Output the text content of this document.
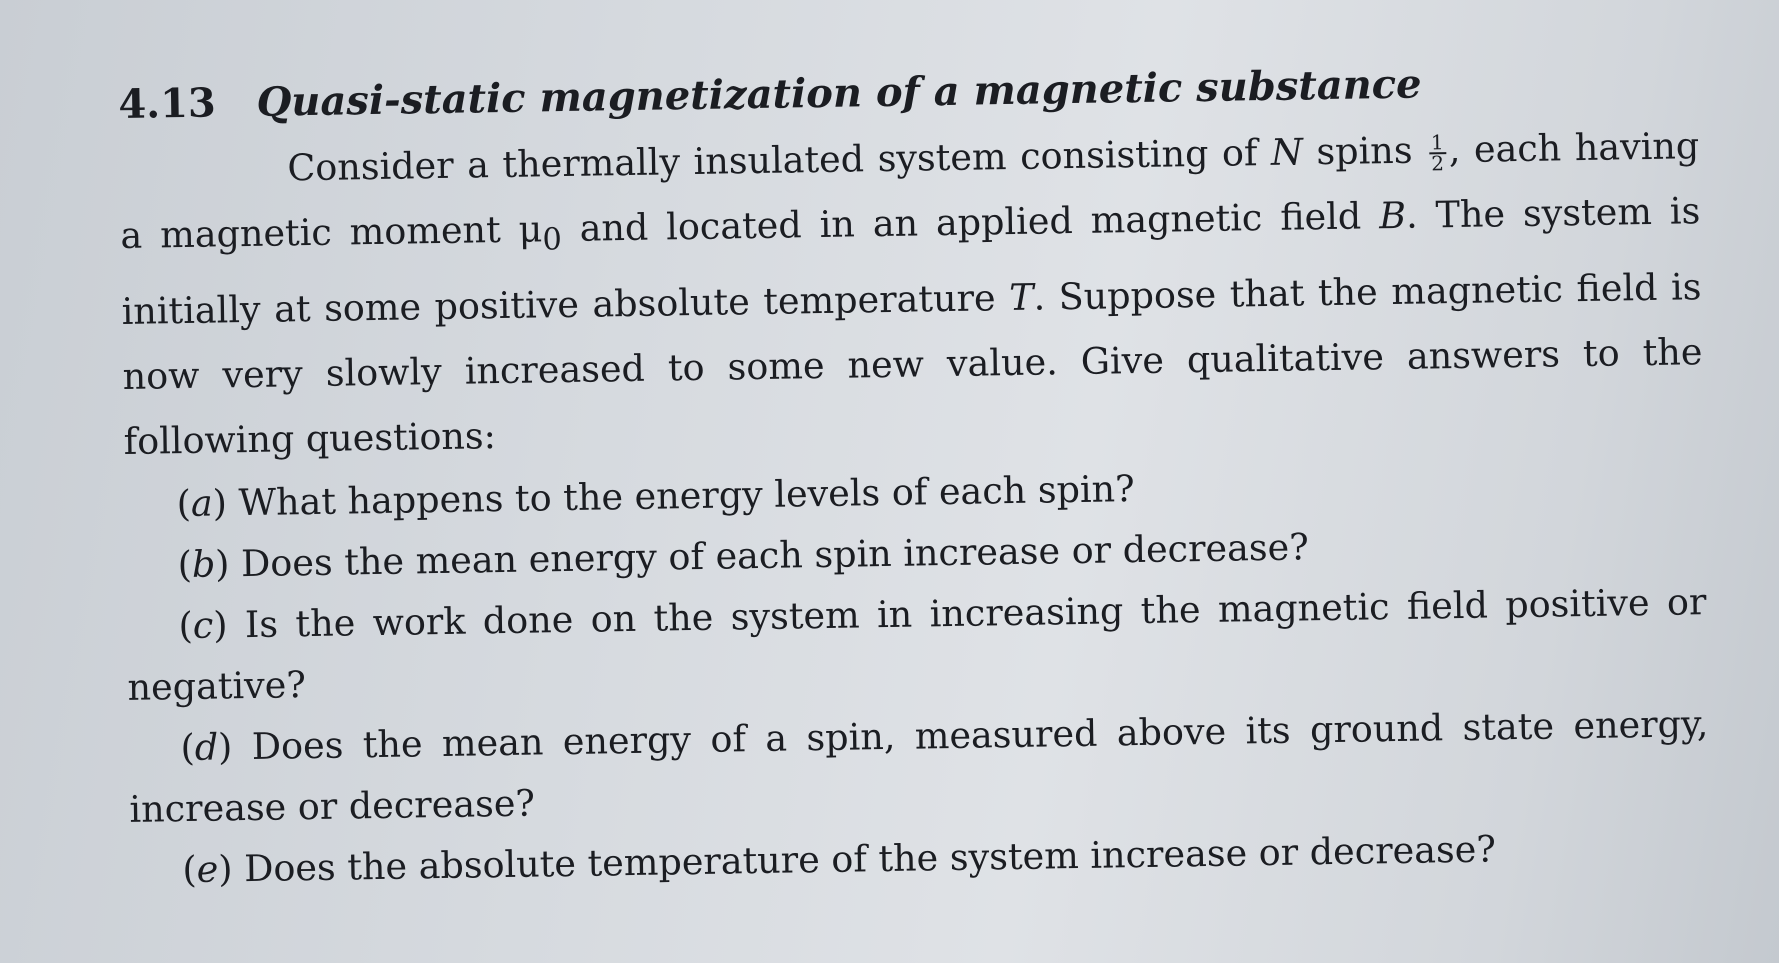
4.13 Quasi-static magnetization of a magnetic substance

Consider a thermally insulated system consisting of N spins $\frac{1}{2}$ , each having a magnetic moment $\mu_0$ and located in an applied magnetic field B. The system is initially at some positive absolute temperature T. Suppose that the magnetic field is now very slowly increased to some new value. Give qualitative answers to the following questions:

(a) What happens to the energy levels of each spin?

(b) Does the mean energy of each spin increase or decrease?

(c) Is the work done on the system in increasing the magnetic field positive or negative?

(d) Does the mean energy of a spin, measured above its ground state energy, increase or decrease?

(e) Does the absolute temperature of the system increase or decrease?
